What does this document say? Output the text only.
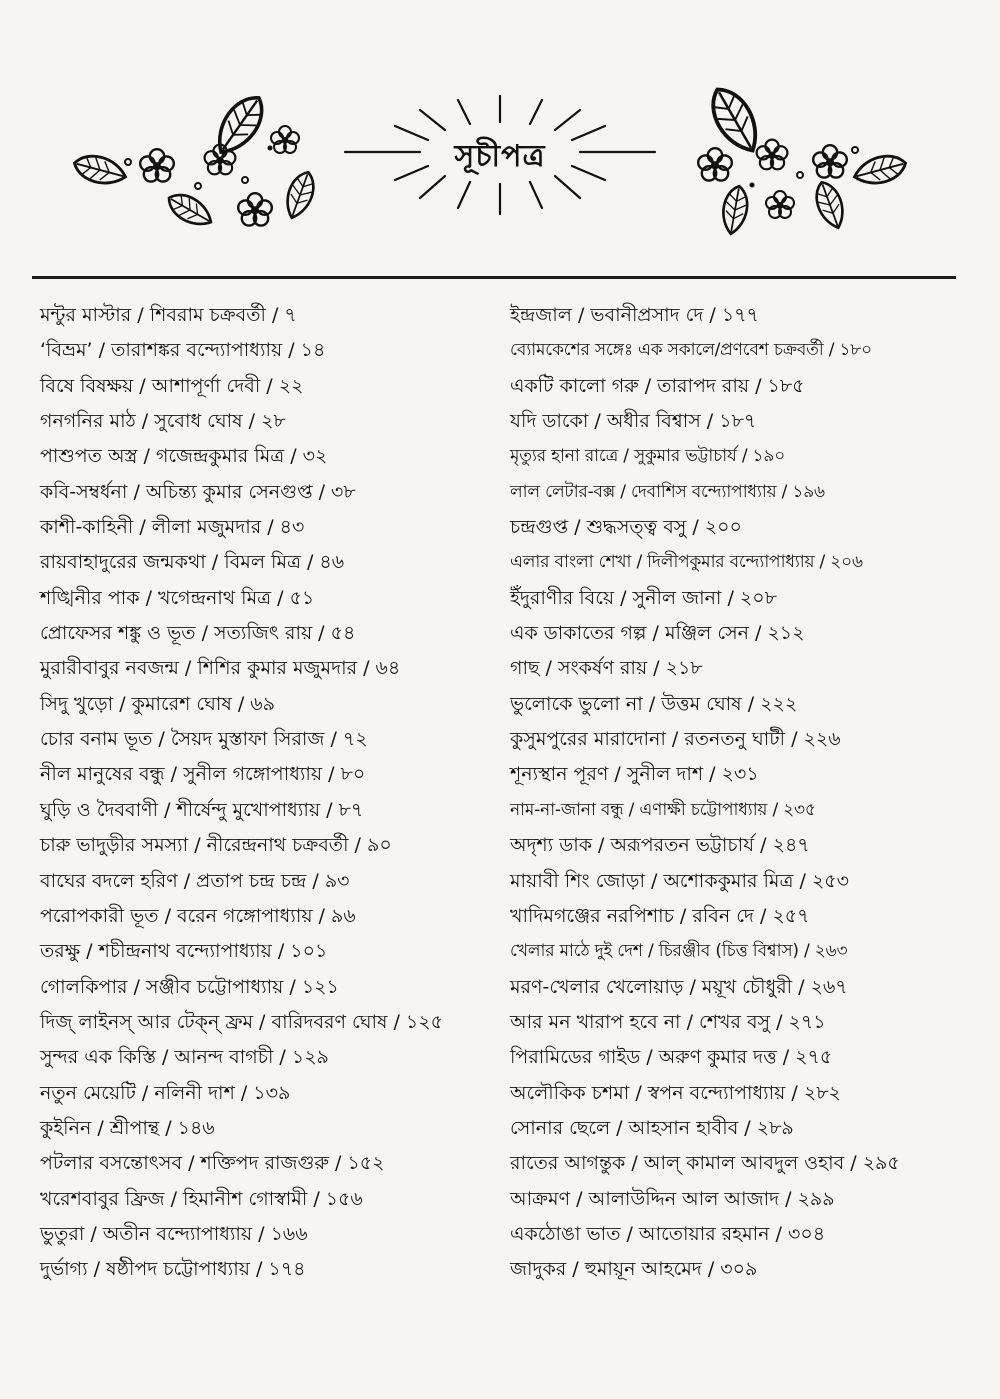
সূচীপত্র
মন্টুর মাস্টার / শিবরাম চক্রবর্তী / ৭
‘বিভ্রম’ / তারাশঙ্কর বন্দ্যোপাধ্যায় / ১৪
বিষে বিষক্ষয় / আশাপূর্ণা দেবী / ২২
গনগনির মাঠ / সুবোধ ঘোষ / ২৮
পাশুপত অস্ত্র / গজেন্দ্রকুমার মিত্র / ৩২
কবি-সম্বর্ধনা / অচিন্ত্য কুমার সেনগুপ্ত / ৩৮
কাশী-কাহিনী / লীলা মজুমদার / ৪৩
রায়বাহাদুরের জন্মকথা / বিমল মিত্র / ৪৬
শঙ্খিনীর পাক / খগেন্দ্রনাথ মিত্র / ৫১
প্রোফেসর শঙ্কু ও ভূত / সত্যজিৎ রায় / ৫৪
মুরারীবাবুর নবজন্ম / শিশির কুমার মজুমদার / ৬৪
সিদু খুড়ো / কুমারেশ ঘোষ / ৬৯
চোর বনাম ভূত / সৈয়দ মুস্তাফা সিরাজ / ৭২
নীল মানুষের বন্ধু / সুনীল গঙ্গোপাধ্যায় / ৮০
ঘুড়ি ও দৈববাণী / শীর্ষেন্দু মুখোপাধ্যায় / ৮৭
চারু ভাদুড়ীর সমস্যা / নীরেন্দ্রনাথ চক্রবর্তী / ৯০
বাঘের বদলে হরিণ / প্রতাপ চন্দ্র চন্দ্র / ৯৩
পরোপকারী ভূত / বরেন গঙ্গোপাধ্যায় / ৯৬
তরক্ষু / শচীন্দ্রনাথ বন্দ্যোপাধ্যায় / ১০১
গোলকিপার / সঞ্জীব চট্টোপাধ্যায় / ১২১
দিজ্ লাইনস্ আর টেক্‌ন্ ফ্রম / বারিদবরণ ঘোষ / ১২৫
সুন্দর এক কিস্তি / আনন্দ বাগচী / ১২৯
নতুন মেয়েটি / নলিনী দাশ / ১৩৯
কুইনিন / শ্রীপান্থ / ১৪৬
পটলার বসন্তোৎসব / শক্তিপদ রাজগুরু / ১৫২
খরেশবাবুর ফ্রিজ / হিমানীশ গোস্বামী / ১৫৬
ভুতুরা / অতীন বন্দ্যোপাধ্যায় / ১৬৬
দুর্ভাগ্য / ষষ্ঠীপদ চট্টোপাধ্যায় / ১৭৪
ইন্দ্রজাল / ভবানীপ্রসাদ দে / ১৭৭
ব্যোমকেশের সঙ্গেঃ এক সকালে/প্রণবেশ চক্রবর্তী / ১৮০
একটি কালো গরু / তারাপদ রায় / ১৮৫
যদি ডাকো / অধীর বিশ্বাস / ১৮৭
মৃত্যুর হানা রাত্রে / সুকুমার ভট্টাচার্য / ১৯০
লাল লেটার-বক্স / দেবাশিস বন্দ্যোপাধ্যায় / ১৯৬
চন্দ্রগুপ্ত / শুদ্ধসত্ত্ব বসু / ২০০
এলার বাংলা শেখা / দিলীপকুমার বন্দ্যোপাধ্যায় / ২০৬
ইঁদুরাণীর বিয়ে / সুনীল জানা / ২০৮
এক ডাকাতের গল্প / মঞ্জিল সেন / ২১২
গাছ / সংকর্ষণ রায় / ২১৮
ভুলোকে ভুলো না / উত্তম ঘোষ / ২২২
কুসুমপুরের মারাদোনা / রতনতনু ঘাটী / ২২৬
শূন্যস্থান পূরণ / সুনীল দাশ / ২৩১
নাম-না-জানা বন্ধু / এণাক্ষী চট্টোপাধ্যায় / ২৩৫
অদৃশ্য ডাক / অরূপরতন ভট্টাচার্য / ২৪৭
মায়াবী শিং জোড়া / অশোককুমার মিত্র / ২৫৩
খাদিমগঞ্জের নরপিশাচ / রবিন দে / ২৫৭
খেলার মাঠে দুই দেশ / চিরঞ্জীব (চিত্ত বিশ্বাস) / ২৬৩
মরণ-খেলার খেলোয়াড় / ময়ূখ চৌধুরী / ২৬৭
আর মন খারাপ হবে না / শেখর বসু / ২৭১
পিরামিডের গাইড / অরুণ কুমার দত্ত / ২৭৫
অলৌকিক চশমা / স্বপন বন্দ্যোপাধ্যায় / ২৮২
সোনার ছেলে / আহসান হাবীব / ২৮৯
রাতের আগন্তুক / আল্ কামাল আবদুল ওহাব / ২৯৫
আক্রমণ / আলাউদ্দিন আল আজাদ / ২৯৯
একঠোঙা ভাত / আতোয়ার রহমান / ৩০৪
জাদুকর / হুমায়ূন আহমেদ / ৩০৯
